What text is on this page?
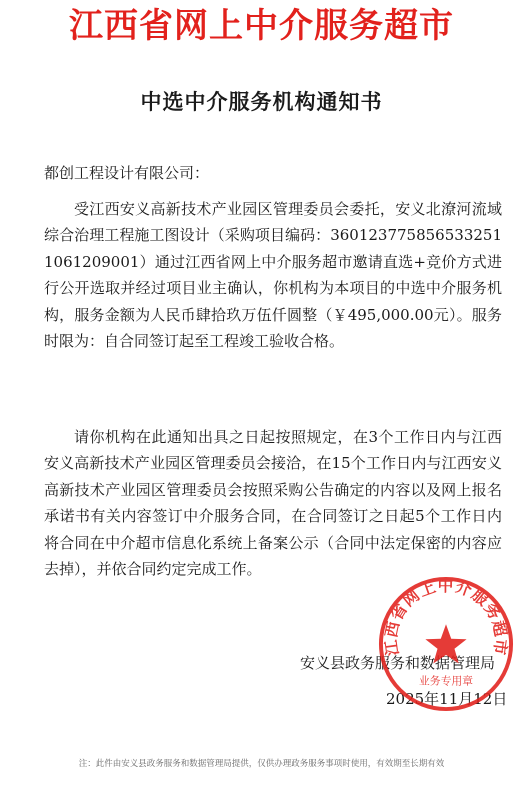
江西省网上中介服务超市
中选中介服务机构通知书
都创工程设计有限公司：

受江西安义高新技术产业园区管理委员会委托，安义北潦河流域综合治理工程施工图设计（采购项目编码：360123775856533251106120900​1）通过江西省网上中介服务超市邀请直选+竞价方式进行公开选取并经过项目业主确认，你机构为本项目的中选中介服务机构，服务金额为人民币肆拾玖万伍仟圆整（￥495,000.00元）。服务时限为：自合同签订起至工程竣工验收合格。

请你机构在此通知出具之日起按照规定，在3个工作日内与江西安义高新技术产业园区管理委员会接洽，在15个工作日内与江西安义高新技术产业园区管理委员会按照采购公告确定的内容以及网上报名承诺书有关内容签订中介服务合同，在合同签订之日起5个工作日内将合同在中介超市信息化系统上备案公示（合同中法定保密的内容应去掉），并依合同约定完成工作。

安义县政务服务和数据管理局
2025年11月12日
江西省网上中介服务超市
业务专用章
注：此件由安义县政务服务和数据管理局提供，仅供办理政务服务事项时使用，有效期至长期有效
